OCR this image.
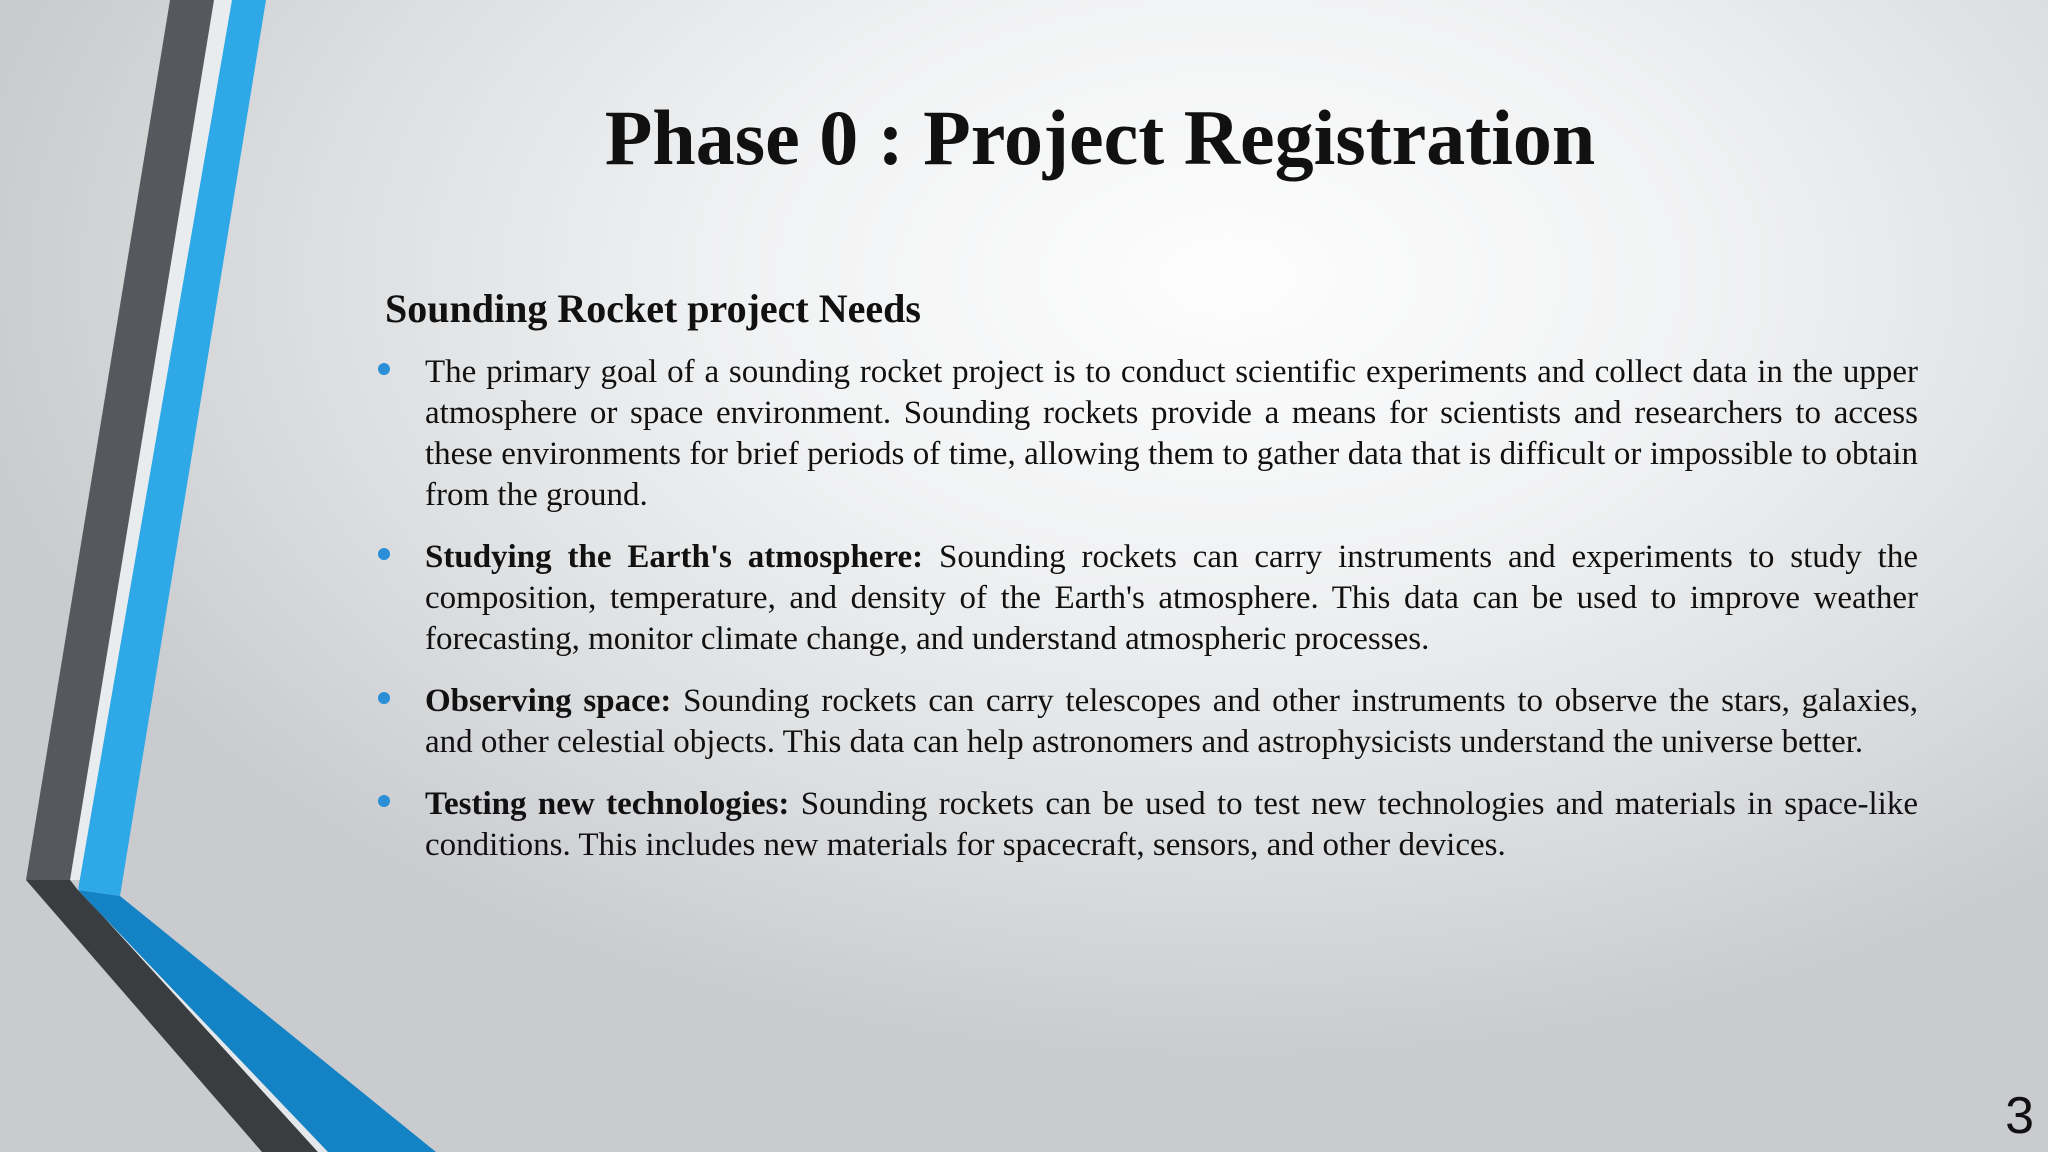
Phase 0 : Project Registration
Sounding Rocket project Needs
The primary goal of a sounding rocket project is to conduct scientific experiments and collect data in the upper atmosphere or space environment. Sounding rockets provide a means for scientists and researchers to access these environments for brief periods of time, allowing them to gather data that is difficult or impossible to obtain from the ground.
Studying the Earth's atmosphere: Sounding rockets can carry instruments and experiments to study the composition, temperature, and density of the Earth's atmosphere. This data can be used to improve weather forecasting, monitor climate change, and understand atmospheric processes.
Observing space: Sounding rockets can carry telescopes and other instruments to observe the stars, galaxies, and other celestial objects. This data can help astronomers and astrophysicists understand the universe better.
Testing new technologies: Sounding rockets can be used to test new technologies and materials in space-like conditions. This includes new materials for spacecraft, sensors, and other devices.
3
